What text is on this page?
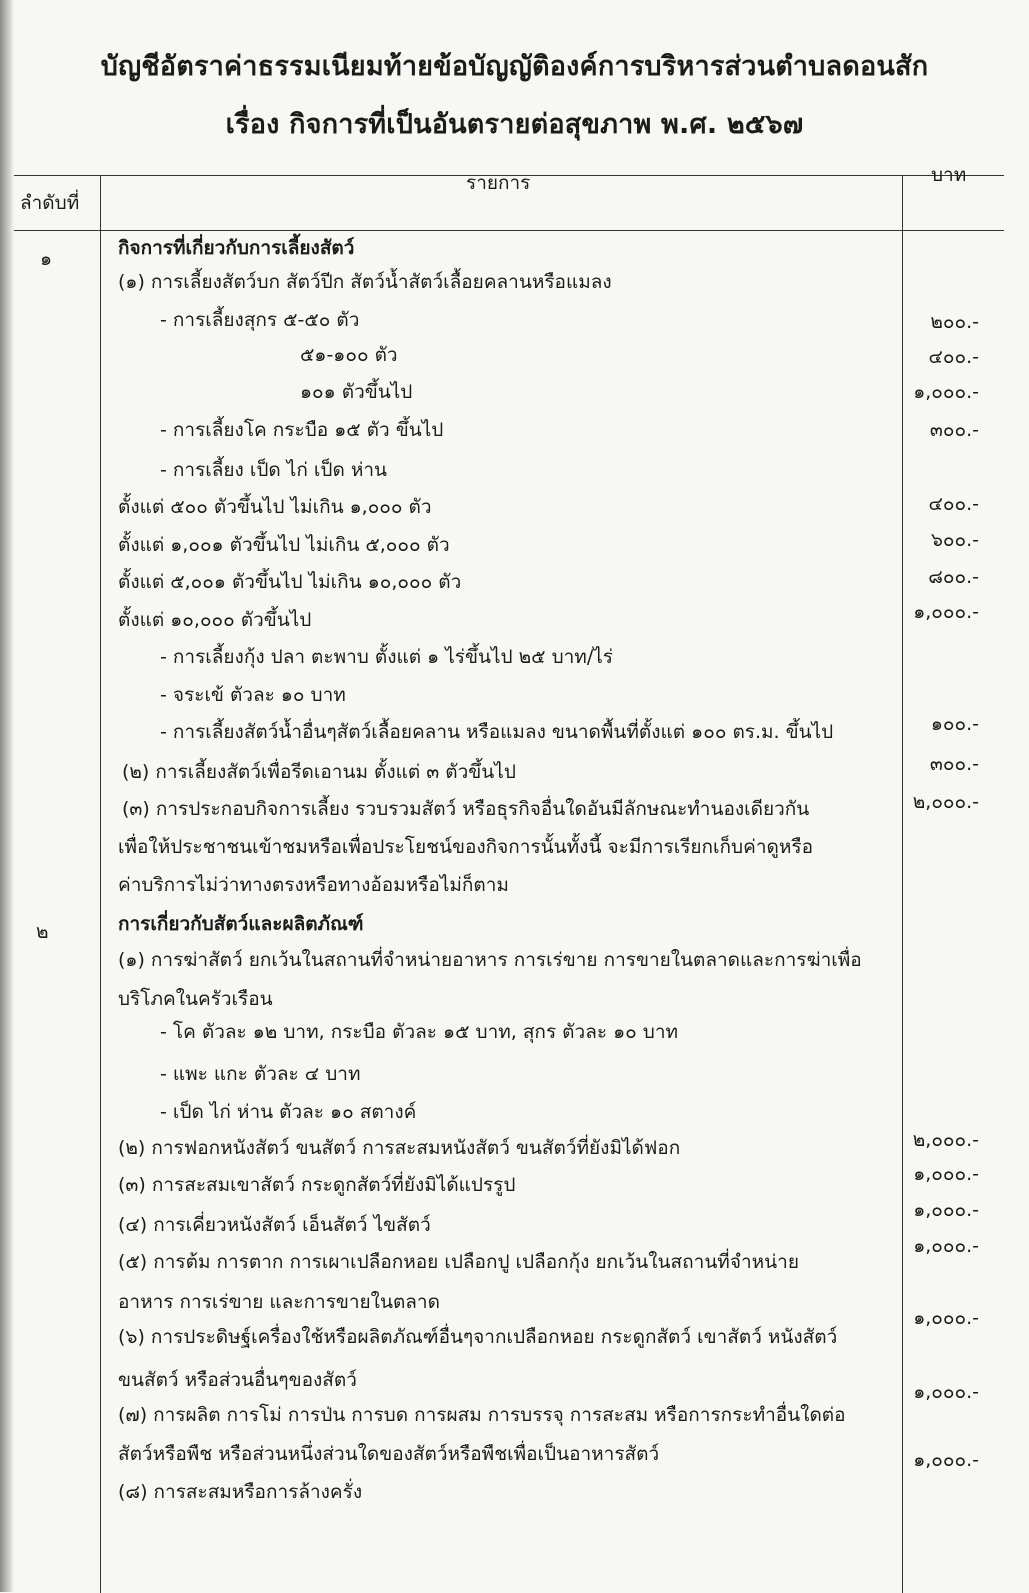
บัญชีอัตราค่าธรรมเนียมท้ายข้อบัญญัติองค์การบริหารส่วนตำบลดอนสัก
เรื่อง กิจการที่เป็นอันตรายต่อสุขภาพ พ.ศ. ๒๕๖๗
ลำดับที่
รายการ	บาท
กิจการที่เกี่ยวกับการเลี้ยงสัตว์
(๑) การเลี้ยงสัตว์บก สัตว์ปีก สัตว์น้ำสัตว์เลื้อยคลานหรือแมลง
- การเลี้ยงสุกร ๕-๕๐ ตัว
๕๑-๑๐๐ ตัว
๑๐๑ ตัวขึ้นไป
- การเลี้ยงโค กระบือ ๑๕ ตัว ขึ้นไป
- การเลี้ยง เป็ด ไก่ เป็ด ห่าน
ตั้งแต่ ๕๐๐ ตัวขึ้นไป ไม่เกิน ๑,๐๐๐ ตัว
ตั้งแต่ ๑,๐๐๑ ตัวขึ้นไป ไม่เกิน ๕,๐๐๐ ตัว
ตั้งแต่ ๕,๐๐๑ ตัวขึ้นไป ไม่เกิน ๑๐,๐๐๐ ตัว
ตั้งแต่ ๑๐,๐๐๐ ตัวขึ้นไป
- การเลี้ยงกุ้ง ปลา ตะพาบ ตั้งแต่ ๑ ไร่ขึ้นไป ๒๕ บาท/ไร่
- จระเข้ ตัวละ ๑๐ บาท
- การเลี้ยงสัตว์น้ำอื่นๆสัตว์เลื้อยคลาน หรือแมลง ขนาดพื้นที่ตั้งแต่ ๑๐๐ ตร.ม. ขึ้นไป
(๒) การเลี้ยงสัตว์เพื่อรีดเอานม ตั้งแต่ ๓ ตัวขึ้นไป
(๓) การประกอบกิจการเลี้ยง รวบรวมสัตว์ หรือธุรกิจอื่นใดอันมีลักษณะทำนองเดียวกัน
เพื่อให้ประชาชนเข้าชมหรือเพื่อประโยชน์ของกิจการนั้นทั้งนี้ จะมีการเรียกเก็บค่าดูหรือ
ค่าบริการไม่ว่าทางตรงหรือทางอ้อมหรือไม่ก็ตาม
การเกี่ยวกับสัตว์และผลิตภัณฑ์
(๑) การฆ่าสัตว์ ยกเว้นในสถานที่จำหน่ายอาหาร การเร่ขาย การขายในตลาดและการฆ่าเพื่อ
บริโภคในครัวเรือน
- โค ตัวละ ๑๒ บาท, กระบือ ตัวละ ๑๕ บาท, สุกร ตัวละ ๑๐ บาท
- แพะ แกะ ตัวละ ๔ บาท
- เป็ด ไก่ ห่าน ตัวละ ๑๐ สตางค์
(๒) การฟอกหนังสัตว์ ขนสัตว์ การสะสมหนังสัตว์ ขนสัตว์ที่ยังมิได้ฟอก
(๓) การสะสมเขาสัตว์ กระดูกสัตว์ที่ยังมิได้แปรรูป
(๔) การเคี่ยวหนังสัตว์ เอ็นสัตว์ ไขสัตว์
(๕) การต้ม การตาก การเผาเปลือกหอย เปลือกปู เปลือกกุ้ง ยกเว้นในสถานที่จำหน่าย
อาหาร การเร่ขาย และการขายในตลาด
(๖) การประดิษฐ์เครื่องใช้หรือผลิตภัณฑ์อื่นๆจากเปลือกหอย กระดูกสัตว์ เขาสัตว์ หนังสัตว์
ขนสัตว์ หรือส่วนอื่นๆของสัตว์
(๗) การผลิต การโม่ การป่น การบด การผสม การบรรจุ การสะสม หรือการกระทำอื่นใดต่อ
สัตว์หรือพืช หรือส่วนหนึ่งส่วนใดของสัตว์หรือพืชเพื่อเป็นอาหารสัตว์
(๘) การสะสมหรือการล้างครั่ง
๑
๒
๒๐๐.-
๔๐๐.-
๑,๐๐๐.-
๓๐๐.-
๔๐๐.-
๖๐๐.-
๘๐๐.-
๑,๐๐๐.-
๑๐๐.-
๓๐๐.-
๒,๐๐๐.-
๒,๐๐๐.-
๑,๐๐๐.-
๑,๐๐๐.-
๑,๐๐๐.-
๑,๐๐๐.-
๑,๐๐๐.-
๑,๐๐๐.-
